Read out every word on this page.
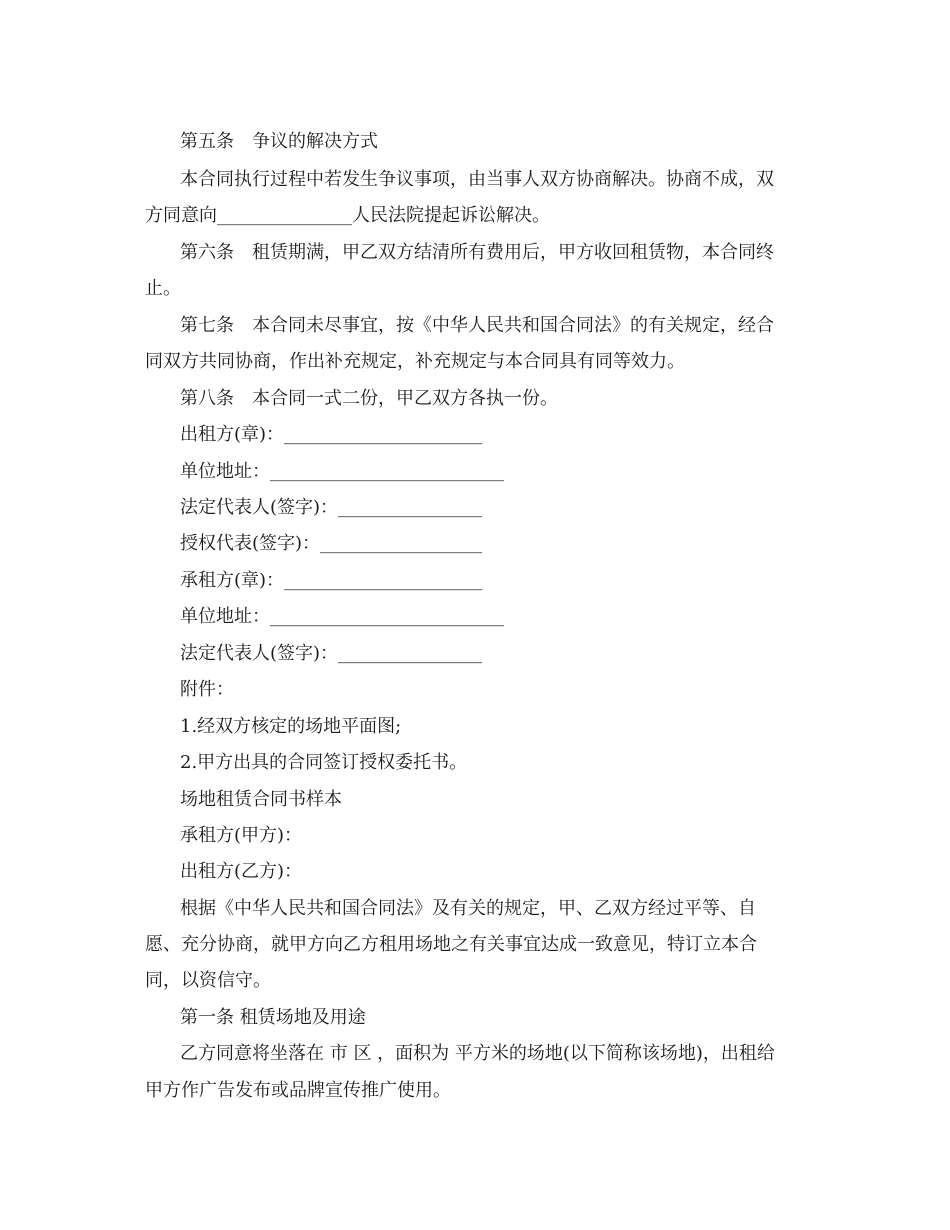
第五条　争议的解决方式
本合同执行过程中若发生争议事项，由当事人双方协商解决。协商不成，双
方同意向_______________人民法院提起诉讼解决。
第六条　租赁期满，甲乙双方结清所有费用后，甲方收回租赁物，本合同终
止。
第七条　本合同未尽事宜，按《中华人民共和国合同法》的有关规定，经合
同双方共同协商，作出补充规定，补充规定与本合同具有同等效力。
第八条　本合同一式二份，甲乙双方各执一份。
出租方(章)：______________________
单位地址：__________________________
法定代表人(签字)：________________
授权代表(签字)：__________________
承租方(章)：______________________
单位地址：__________________________
法定代表人(签字)：________________
附件：
1.经双方核定的场地平面图;
2.甲方出具的合同签订授权委托书。
场地租赁合同书样本
承租方(甲方)：
出租方(乙方)：
根据《中华人民共和国合同法》及有关的规定，甲、乙双方经过平等、自
愿、充分协商，就甲方向乙方租用场地之有关事宜达成一致意见，特订立本合
同，以资信守。
第一条 租赁场地及用途
乙方同意将坐落在 市 区 ，面积为 平方米的场地(以下简称该场地)，出租给
甲方作广告发布或品牌宣传推广使用。
